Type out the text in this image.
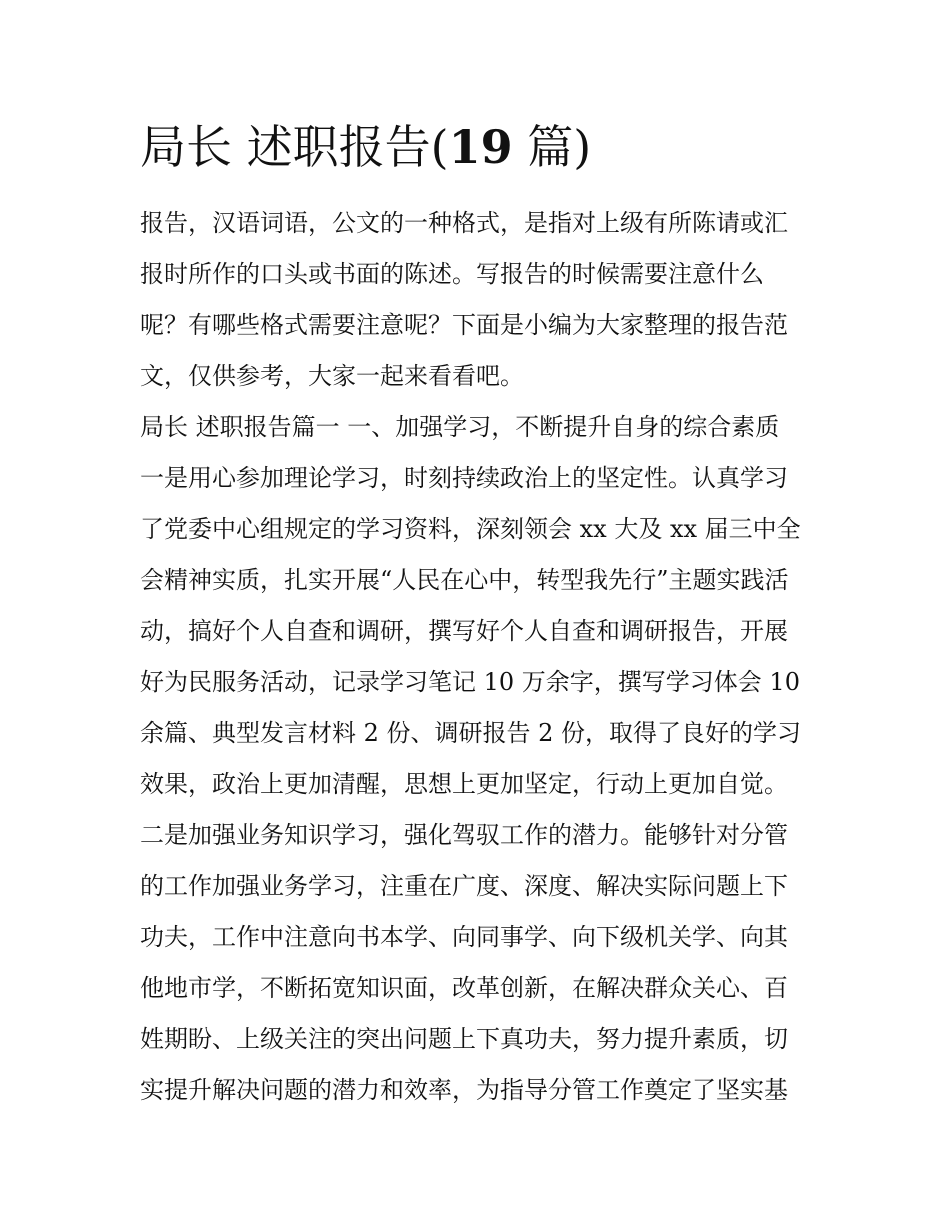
局长 述职报告(19 篇)
报告，汉语词语，公文的一种格式，是指对上级有所陈请或汇
报时所作的口头或书面的陈述。写报告的时候需要注意什么
呢？有哪些格式需要注意呢？下面是小编为大家整理的报告范
文，仅供参考，大家一起来看看吧。
局长 述职报告篇一 一、加强学习，不断提升自身的综合素质
一是用心参加理论学习，时刻持续政治上的坚定性。认真学习
了党委中心组规定的学习资料，深刻领会 xx 大及 xx 届三中全
会精神实质，扎实开展“人民在心中，转型我先行”主题实践活
动，搞好个人自查和调研，撰写好个人自查和调研报告，开展
好为民服务活动，记录学习笔记 10 万余字，撰写学习体会 10
余篇、典型发言材料 2 份、调研报告 2 份，取得了良好的学习
效果，政治上更加清醒，思想上更加坚定，行动上更加自觉。
二是加强业务知识学习，强化驾驭工作的潜力。能够针对分管
的工作加强业务学习，注重在广度、深度、解决实际问题上下
功夫，工作中注意向书本学、向同事学、向下级机关学、向其
他地市学，不断拓宽知识面，改革创新，在解决群众关心、百
姓期盼、上级关注的突出问题上下真功夫，努力提升素质，切
实提升解决问题的潜力和效率，为指导分管工作奠定了坚实基
